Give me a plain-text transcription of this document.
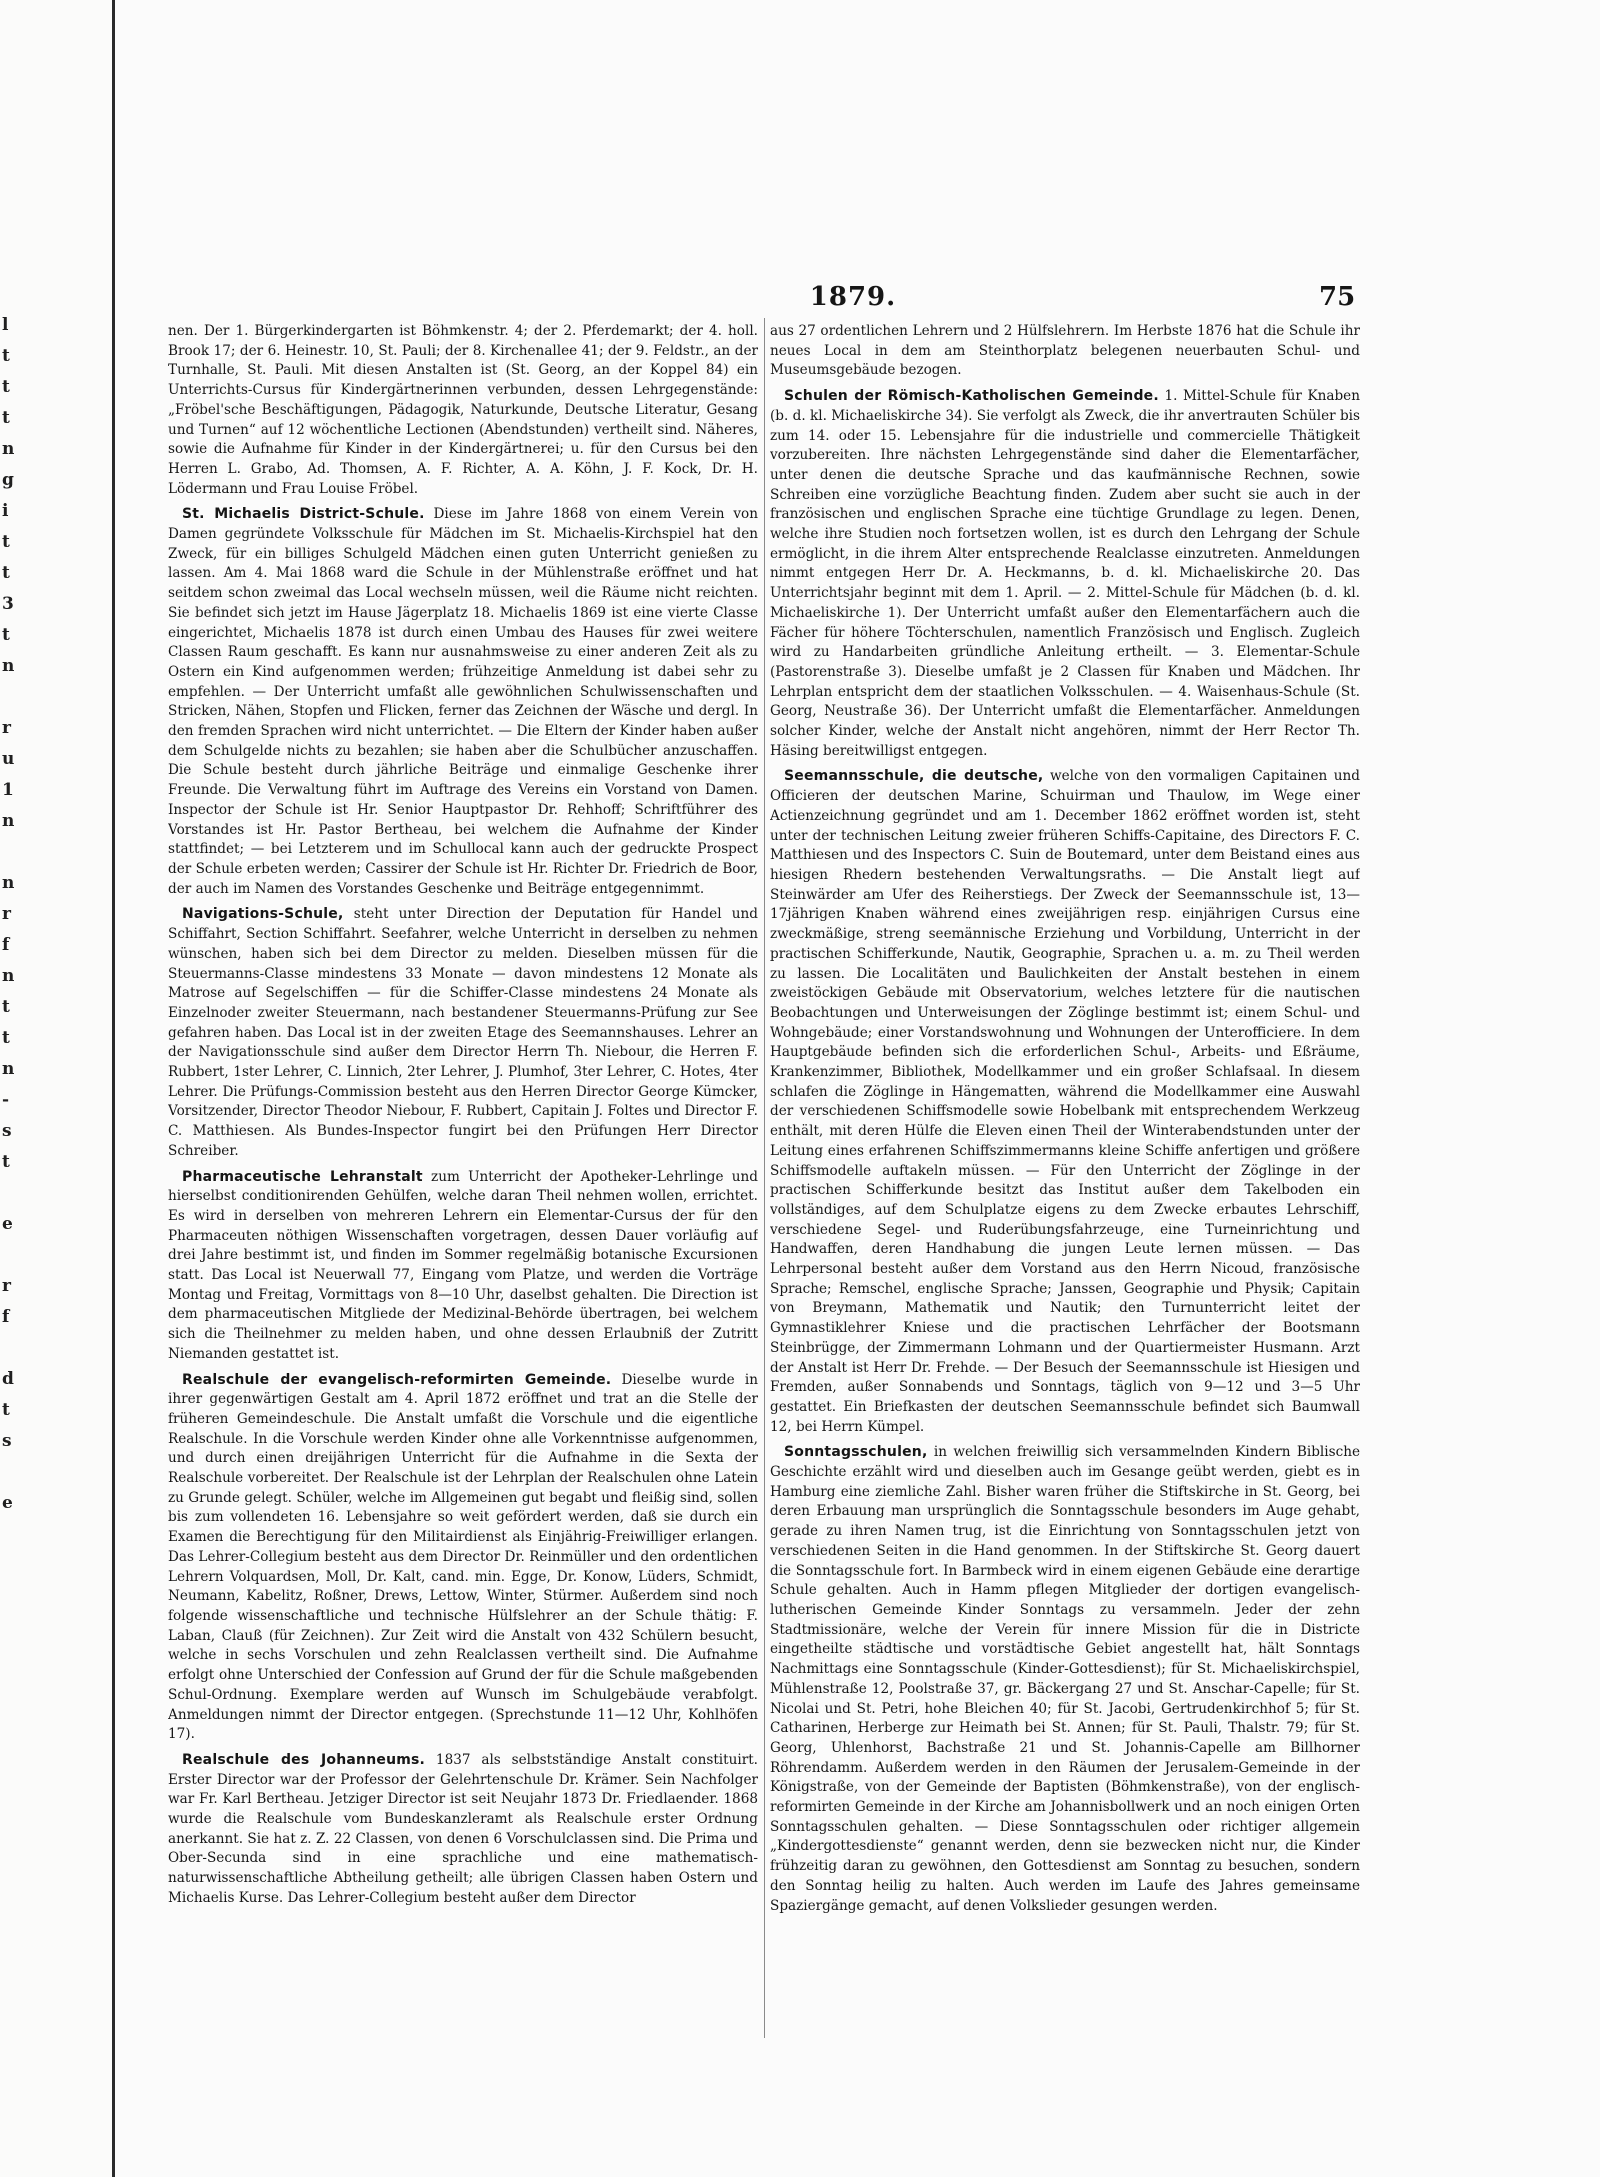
l
t
t
t
n
g
i
t
t
3
t
n

r
u
1
n

n
r
f
n
t
t
n
-
s
t

e

r
f

d
t
s

e
1879.	75

nen. Der 1. Bürgerkindergarten ist Böhmkenstr. 4; der 2. Pferdemarkt; der 4. holl. Brook 17; der 6. Heinestr. 10, St. Pauli; der 8. Kirchenallee 41; der 9. Feldstr., an der Turnhalle, St. Pauli. Mit diesen Anstalten ist (St. Georg, an der Koppel 84) ein Unterrichts-Cursus für Kindergärtnerinnen verbunden, dessen Lehrgegenstände: „Fröbel'sche Beschäftigungen, Pädagogik, Naturkunde, Deutsche Literatur, Gesang und Turnen“ auf 12 wöchentliche Lectionen (Abendstunden) vertheilt sind. Näheres, sowie die Aufnahme für Kinder in der Kindergärtnerei; u. für den Cursus bei den Herren L. Grabo, Ad. Thomsen, A. F. Richter, A. A. Köhn, J. F. Kock, Dr. H. Lödermann und Frau Louise Fröbel.

St. Michaelis District-Schule. Diese im Jahre 1868 von einem Verein von Damen gegründete Volksschule für Mädchen im St. Michaelis-Kirchspiel hat den Zweck, für ein billiges Schulgeld Mädchen einen guten Unterricht genießen zu lassen. Am 4. Mai 1868 ward die Schule in der Mühlenstraße eröffnet und hat seitdem schon zweimal das Local wechseln müssen, weil die Räume nicht reichten. Sie befindet sich jetzt im Hause Jägerplatz 18. Michaelis 1869 ist eine vierte Classe eingerichtet, Michaelis 1878 ist durch einen Umbau des Hauses für zwei weitere Classen Raum geschafft. Es kann nur ausnahmsweise zu einer anderen Zeit als zu Ostern ein Kind aufgenommen werden; frühzeitige Anmeldung ist dabei sehr zu empfehlen. — Der Unterricht umfaßt alle gewöhnlichen Schulwissenschaften und Stricken, Nähen, Stopfen und Flicken, ferner das Zeichnen der Wäsche und dergl. In den fremden Sprachen wird nicht unterrichtet. — Die Eltern der Kinder haben außer dem Schulgelde nichts zu bezahlen; sie haben aber die Schulbücher anzuschaffen. Die Schule besteht durch jährliche Beiträge und einmalige Geschenke ihrer Freunde. Die Verwaltung führt im Auftrage des Vereins ein Vorstand von Damen. Inspector der Schule ist Hr. Senior Hauptpastor Dr. Rehhoff; Schriftführer des Vorstandes ist Hr. Pastor Bertheau, bei welchem die Aufnahme der Kinder stattfindet; — bei Letzterem und im Schullocal kann auch der gedruckte Prospect der Schule erbeten werden; Cassirer der Schule ist Hr. Richter Dr. Friedrich de Boor, der auch im Namen des Vorstandes Geschenke und Beiträge entgegennimmt.

Navigations-Schule, steht unter Direction der Deputation für Handel und Schiffahrt, Section Schiffahrt. Seefahrer, welche Unterricht in derselben zu nehmen wünschen, haben sich bei dem Director zu melden. Dieselben müssen für die Steuermanns-Classe mindestens 33 Monate — davon mindestens 12 Monate als Matrose auf Segelschiffen — für die Schiffer-Classe mindestens 24 Monate als Einzelnoder zweiter Steuermann, nach bestandener Steuermanns-Prüfung zur See gefahren haben. Das Local ist in der zweiten Etage des Seemannshauses. Lehrer an der Navigationsschule sind außer dem Director Herrn Th. Niebour, die Herren F. Rubbert, 1ster Lehrer, C. Linnich, 2ter Lehrer, J. Plumhof, 3ter Lehrer, C. Hotes, 4ter Lehrer. Die Prüfungs-Commission besteht aus den Herren Director George Kümcker, Vorsitzender, Director Theodor Niebour, F. Rubbert, Capitain J. Foltes und Director F. C. Matthiesen. Als Bundes-Inspector fungirt bei den Prüfungen Herr Director Schreiber.

Pharmaceutische Lehranstalt zum Unterricht der Apotheker-Lehrlinge und hierselbst conditionirenden Gehülfen, welche daran Theil nehmen wollen, errichtet. Es wird in derselben von mehreren Lehrern ein Elementar-Cursus der für den Pharmaceuten nöthigen Wissenschaften vorgetragen, dessen Dauer vorläufig auf drei Jahre bestimmt ist, und finden im Sommer regelmäßig botanische Excursionen statt. Das Local ist Neuerwall 77, Eingang vom Platze, und werden die Vorträge Montag und Freitag, Vormittags von 8—10 Uhr, daselbst gehalten. Die Direction ist dem pharmaceutischen Mitgliede der Medizinal-Behörde übertragen, bei welchem sich die Theilnehmer zu melden haben, und ohne dessen Erlaubniß der Zutritt Niemanden gestattet ist.

Realschule der evangelisch-reformirten Gemeinde. Dieselbe wurde in ihrer gegenwärtigen Gestalt am 4. April 1872 eröffnet und trat an die Stelle der früheren Gemeindeschule. Die Anstalt umfaßt die Vorschule und die eigentliche Realschule. In die Vorschule werden Kinder ohne alle Vorkenntnisse aufgenommen, und durch einen dreijährigen Unterricht für die Aufnahme in die Sexta der Realschule vorbereitet. Der Realschule ist der Lehrplan der Realschulen ohne Latein zu Grunde gelegt. Schüler, welche im Allgemeinen gut begabt und fleißig sind, sollen bis zum vollendeten 16. Lebensjahre so weit gefördert werden, daß sie durch ein Examen die Berechtigung für den Militairdienst als Einjährig-Freiwilliger erlangen. Das Lehrer-Collegium besteht aus dem Director Dr. Reinmüller und den ordentlichen Lehrern Volquardsen, Moll, Dr. Kalt, cand. min. Egge, Dr. Konow, Lüders, Schmidt, Neumann, Kabelitz, Roßner, Drews, Lettow, Winter, Stürmer. Außerdem sind noch folgende wissenschaftliche und technische Hülfslehrer an der Schule thätig: F. Laban, Clauß (für Zeichnen). Zur Zeit wird die Anstalt von 432 Schülern besucht, welche in sechs Vorschulen und zehn Realclassen vertheilt sind. Die Aufnahme erfolgt ohne Unterschied der Confession auf Grund der für die Schule maßgebenden Schul-Ordnung. Exemplare werden auf Wunsch im Schulgebäude verabfolgt. Anmeldungen nimmt der Director entgegen. (Sprechstunde 11—12 Uhr, Kohlhöfen 17).

Realschule des Johanneums. 1837 als selbstständige Anstalt constituirt. Erster Director war der Professor der Gelehrtenschule Dr. Krämer. Sein Nachfolger war Fr. Karl Bertheau. Jetziger Director ist seit Neujahr 1873 Dr. Friedlaender. 1868 wurde die Realschule vom Bundeskanzleramt als Realschule erster Ordnung anerkannt. Sie hat z. Z. 22 Classen, von denen 6 Vorschulclassen sind. Die Prima und Ober-Secunda sind in eine sprachliche und eine mathematisch-naturwissenschaftliche Abtheilung getheilt; alle übrigen Classen haben Ostern und Michaelis Kurse. Das Lehrer-Collegium besteht außer dem Director

aus 27 ordentlichen Lehrern und 2 Hülfslehrern. Im Herbste 1876 hat die Schule ihr neues Local in dem am Steinthorplatz belegenen neuerbauten Schul- und Museumsgebäude bezogen.

Schulen der Römisch-Katholischen Gemeinde. 1. Mittel-Schule für Knaben (b. d. kl. Michaeliskirche 34). Sie verfolgt als Zweck, die ihr anvertrauten Schüler bis zum 14. oder 15. Lebensjahre für die industrielle und commercielle Thätigkeit vorzubereiten. Ihre nächsten Lehrgegenstände sind daher die Elementarfächer, unter denen die deutsche Sprache und das kaufmännische Rechnen, sowie Schreiben eine vorzügliche Beachtung finden. Zudem aber sucht sie auch in der französischen und englischen Sprache eine tüchtige Grundlage zu legen. Denen, welche ihre Studien noch fortsetzen wollen, ist es durch den Lehrgang der Schule ermöglicht, in die ihrem Alter entsprechende Realclasse einzutreten. Anmeldungen nimmt entgegen Herr Dr. A. Heckmanns, b. d. kl. Michaeliskirche 20. Das Unterrichtsjahr beginnt mit dem 1. April. — 2. Mittel-Schule für Mädchen (b. d. kl. Michaeliskirche 1). Der Unterricht umfaßt außer den Elementarfächern auch die Fächer für höhere Töchterschulen, namentlich Französisch und Englisch. Zugleich wird zu Handarbeiten gründliche Anleitung ertheilt. — 3. Elementar-Schule (Pastorenstraße 3). Dieselbe umfaßt je 2 Classen für Knaben und Mädchen. Ihr Lehrplan entspricht dem der staatlichen Volksschulen. — 4. Waisenhaus-Schule (St. Georg, Neustraße 36). Der Unterricht umfaßt die Elementarfächer. Anmeldungen solcher Kinder, welche der Anstalt nicht angehören, nimmt der Herr Rector Th. Häsing bereitwilligst entgegen.

Seemannsschule, die deutsche, welche von den vormaligen Capitainen und Officieren der deutschen Marine, Schuirman und Thaulow, im Wege einer Actienzeichnung gegründet und am 1. December 1862 eröffnet worden ist, steht unter der technischen Leitung zweier früheren Schiffs-Capitaine, des Directors F. C. Matthiesen und des Inspectors C. Suin de Boutemard, unter dem Beistand eines aus hiesigen Rhedern bestehenden Verwaltungsraths. — Die Anstalt liegt auf Steinwärder am Ufer des Reiherstiegs. Der Zweck der Seemannsschule ist, 13—17jährigen Knaben während eines zweijährigen resp. einjährigen Cursus eine zweckmäßige, streng seemännische Erziehung und Vorbildung, Unterricht in der practischen Schifferkunde, Nautik, Geographie, Sprachen u. a. m. zu Theil werden zu lassen. Die Localitäten und Baulichkeiten der Anstalt bestehen in einem zweistöckigen Gebäude mit Observatorium, welches letztere für die nautischen Beobachtungen und Unterweisungen der Zöglinge bestimmt ist; einem Schul- und Wohngebäude; einer Vorstandswohnung und Wohnungen der Unterofficiere. In dem Hauptgebäude befinden sich die erforderlichen Schul-, Arbeits- und Eßräume, Krankenzimmer, Bibliothek, Modellkammer und ein großer Schlafsaal. In diesem schlafen die Zöglinge in Hängematten, während die Modellkammer eine Auswahl der verschiedenen Schiffsmodelle sowie Hobelbank mit entsprechendem Werkzeug enthält, mit deren Hülfe die Eleven einen Theil der Winterabendstunden unter der Leitung eines erfahrenen Schiffszimmermanns kleine Schiffe anfertigen und größere Schiffsmodelle auftakeln müssen. — Für den Unterricht der Zöglinge in der practischen Schifferkunde besitzt das Institut außer dem Takelboden ein vollständiges, auf dem Schulplatze eigens zu dem Zwecke erbautes Lehrschiff, verschiedene Segel- und Ruderübungsfahrzeuge, eine Turneinrichtung und Handwaffen, deren Handhabung die jungen Leute lernen müssen. — Das Lehrpersonal besteht außer dem Vorstand aus den Herrn Nicoud, französische Sprache; Remschel, englische Sprache; Janssen, Geographie und Physik; Capitain von Breymann, Mathematik und Nautik; den Turnunterricht leitet der Gymnastiklehrer Kniese und die practischen Lehrfächer der Bootsmann Steinbrügge, der Zimmermann Lohmann und der Quartiermeister Husmann. Arzt der Anstalt ist Herr Dr. Frehde. — Der Besuch der Seemannsschule ist Hiesigen und Fremden, außer Sonnabends und Sonntags, täglich von 9—12 und 3—5 Uhr gestattet. Ein Briefkasten der deutschen Seemannsschule befindet sich Baumwall 12, bei Herrn Kümpel.

Sonntagsschulen, in welchen freiwillig sich versammelnden Kindern Biblische Geschichte erzählt wird und dieselben auch im Gesange geübt werden, giebt es in Hamburg eine ziemliche Zahl. Bisher waren früher die Stiftskirche in St. Georg, bei deren Erbauung man ursprünglich die Sonntagsschule besonders im Auge gehabt, gerade zu ihren Namen trug, ist die Einrichtung von Sonntagsschulen jetzt von verschiedenen Seiten in die Hand genommen. In der Stiftskirche St. Georg dauert die Sonntagsschule fort. In Barmbeck wird in einem eigenen Gebäude eine derartige Schule gehalten. Auch in Hamm pflegen Mitglieder der dortigen evangelisch-lutherischen Gemeinde Kinder Sonntags zu versammeln. Jeder der zehn Stadtmissionäre, welche der Verein für innere Mission für die in Districte eingetheilte städtische und vorstädtische Gebiet angestellt hat, hält Sonntags Nachmittags eine Sonntagsschule (Kinder-Gottesdienst); für St. Michaeliskirchspiel, Mühlenstraße 12, Poolstraße 37, gr. Bäckergang 27 und St. Anschar-Capelle; für St. Nicolai und St. Petri, hohe Bleichen 40; für St. Jacobi, Gertrudenkirchhof 5; für St. Catharinen, Herberge zur Heimath bei St. Annen; für St. Pauli, Thalstr. 79; für St. Georg, Uhlenhorst, Bachstraße 21 und St. Johannis-Capelle am Billhorner Röhrendamm. Außerdem werden in den Räumen der Jerusalem-Gemeinde in der Königstraße, von der Gemeinde der Baptisten (Böhmkenstraße), von der englisch-reformirten Gemeinde in der Kirche am Johannisbollwerk und an noch einigen Orten Sonntagsschulen gehalten. — Diese Sonntagsschulen oder richtiger allgemein „Kindergottesdienste“ genannt werden, denn sie bezwecken nicht nur, die Kinder frühzeitig daran zu gewöhnen, den Gottesdienst am Sonntag zu besuchen, sondern den Sonntag heilig zu halten. Auch werden im Laufe des Jahres gemeinsame Spaziergänge gemacht, auf denen Volkslieder gesungen werden.
